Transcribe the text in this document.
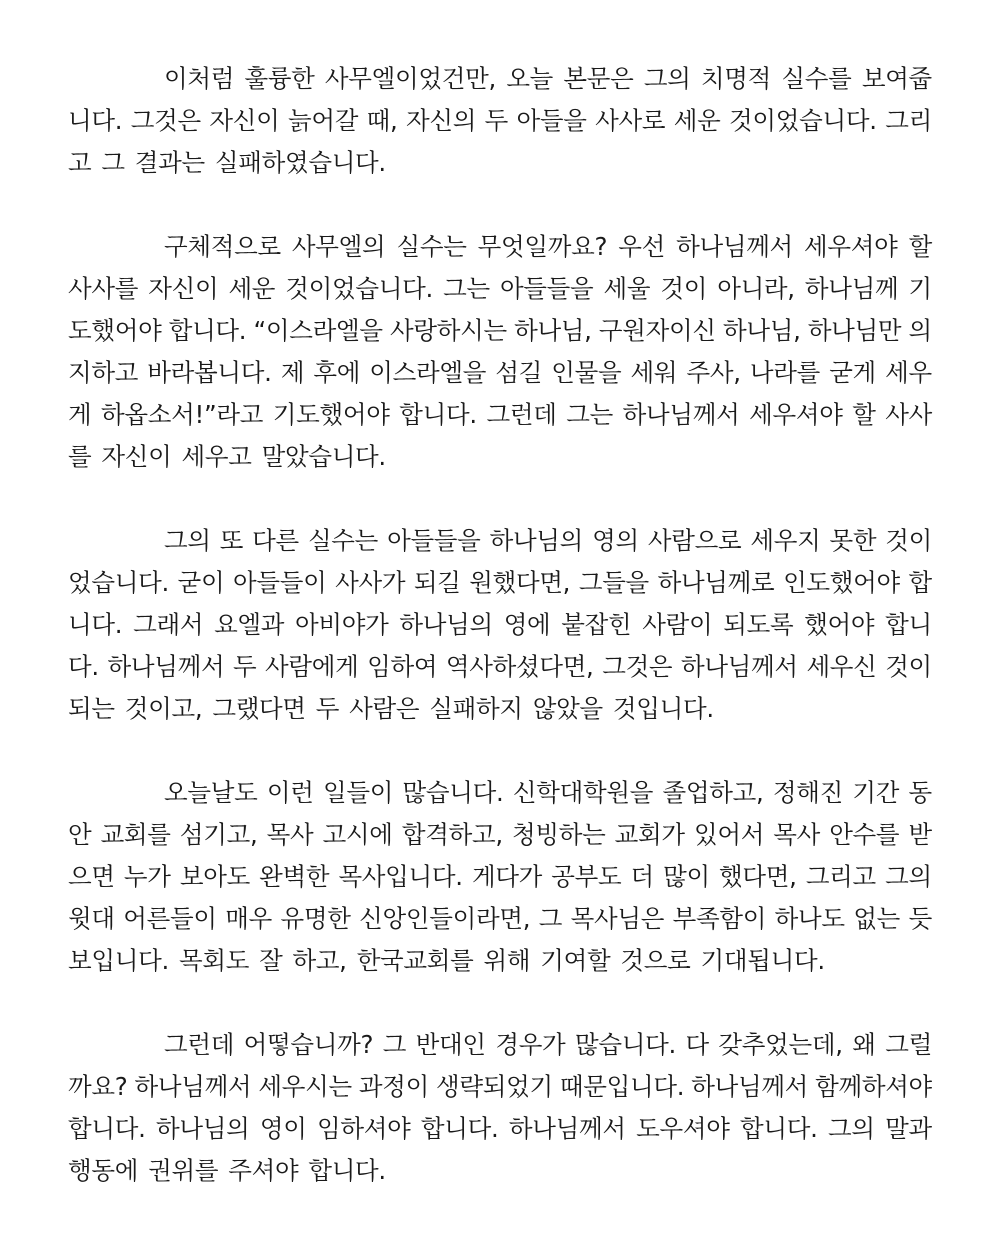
이처럼 훌륭한 사무엘이었건만, 오늘 본문은 그의 치명적 실수를 보여줍
니다. 그것은 자신이 늙어갈 때, 자신의 두 아들을 사사로 세운 것이었습니다. 그리
고 그 결과는 실패하였습니다.
구체적으로 사무엘의 실수는 무엇일까요? 우선 하나님께서 세우셔야 할
사사를 자신이 세운 것이었습니다. 그는 아들들을 세울 것이 아니라, 하나님께 기
도했어야 합니다. “이스라엘을 사랑하시는 하나님, 구원자이신 하나님, 하나님만 의
지하고 바라봅니다. 제 후에 이스라엘을 섬길 인물을 세워 주사, 나라를 굳게 세우
게 하옵소서!”라고 기도했어야 합니다. 그런데 그는 하나님께서 세우셔야 할 사사
를 자신이 세우고 말았습니다.
그의 또 다른 실수는 아들들을 하나님의 영의 사람으로 세우지 못한 것이
었습니다. 굳이 아들들이 사사가 되길 원했다면, 그들을 하나님께로 인도했어야 합
니다. 그래서 요엘과 아비야가 하나님의 영에 붙잡힌 사람이 되도록 했어야 합니
다. 하나님께서 두 사람에게 임하여 역사하셨다면, 그것은 하나님께서 세우신 것이
되는 것이고, 그랬다면 두 사람은 실패하지 않았을 것입니다.
오늘날도 이런 일들이 많습니다. 신학대학원을 졸업하고, 정해진 기간 동
안 교회를 섬기고, 목사 고시에 합격하고, 청빙하는 교회가 있어서 목사 안수를 받
으면 누가 보아도 완벽한 목사입니다. 게다가 공부도 더 많이 했다면, 그리고 그의
윗대 어른들이 매우 유명한 신앙인들이라면, 그 목사님은 부족함이 하나도 없는 듯
보입니다. 목회도 잘 하고, 한국교회를 위해 기여할 것으로 기대됩니다.
그런데 어떻습니까? 그 반대인 경우가 많습니다. 다 갖추었는데, 왜 그럴
까요? 하나님께서 세우시는 과정이 생략되었기 때문입니다. 하나님께서 함께하셔야
합니다. 하나님의 영이 임하셔야 합니다. 하나님께서 도우셔야 합니다. 그의 말과
행동에 권위를 주셔야 합니다.
